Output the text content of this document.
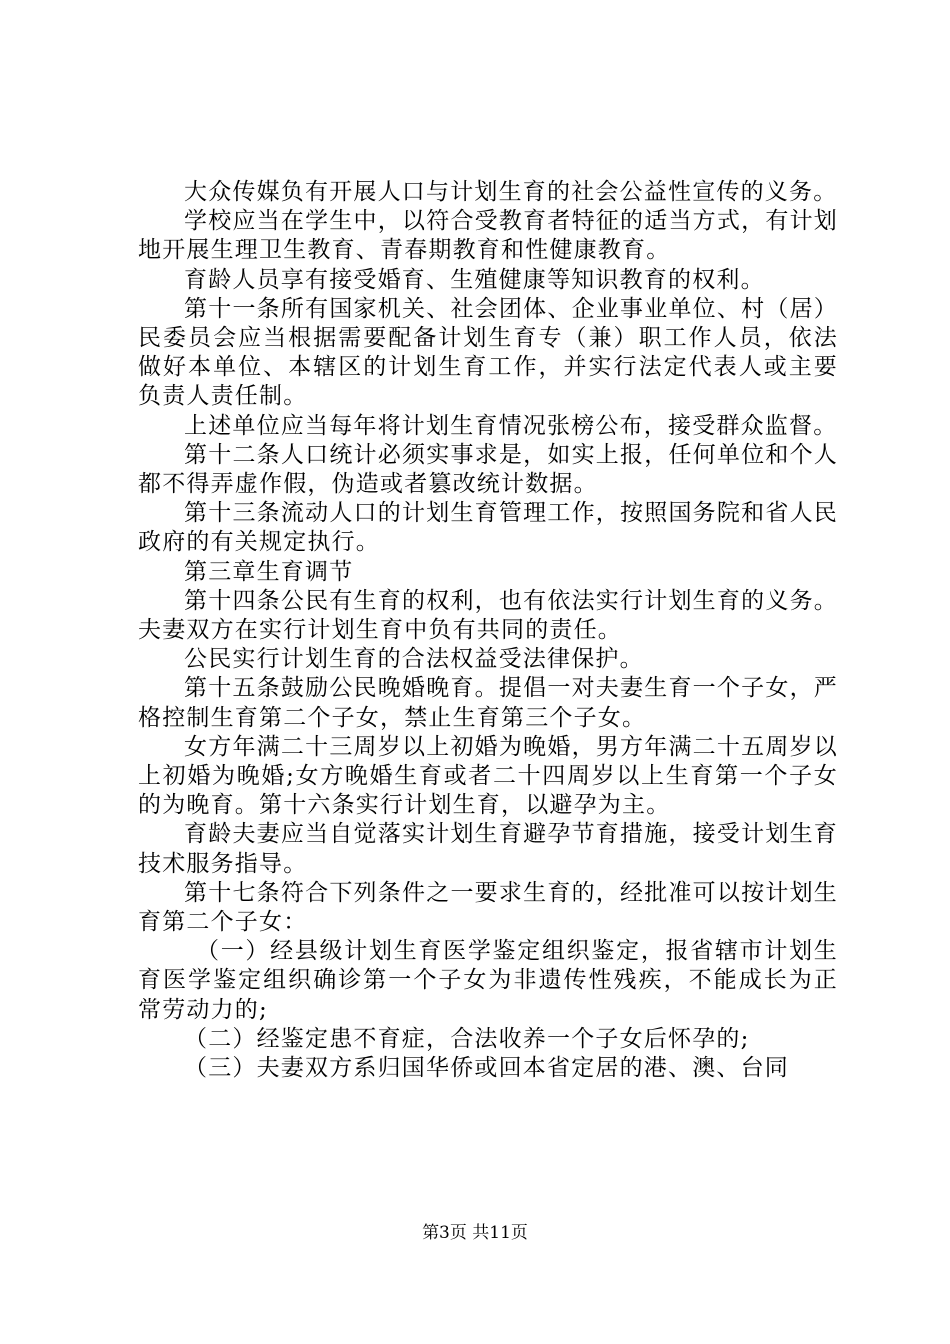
大众传媒负有开展人口与计划生育的社会公益性宣传的义务。

学校应当在学生中，以符合受教育者特征的适当方式，有计划地开展生理卫生教育、青春期教育和性健康教育。

育龄人员享有接受婚育、生殖健康等知识教育的权利。

第十一条所有国家机关、社会团体、企业事业单位、村（居）民委员会应当根据需要配备计划生育专（兼）职工作人员，依法做好本单位、本辖区的计划生育工作，并实行法定代表人或主要负责人责任制。

上述单位应当每年将计划生育情况张榜公布，接受群众监督。

第十二条人口统计必须实事求是，如实上报，任何单位和个人都不得弄虚作假，伪造或者篡改统计数据。

第十三条流动人口的计划生育管理工作，按照国务院和省人民政府的有关规定执行。

第三章生育调节

第十四条公民有生育的权利，也有依法实行计划生育的义务。夫妻双方在实行计划生育中负有共同的责任。

公民实行计划生育的合法权益受法律保护。

第十五条鼓励公民晚婚晚育。提倡一对夫妻生育一个子女，严格控制生育第二个子女，禁止生育第三个子女。

女方年满二十三周岁以上初婚为晚婚，男方年满二十五周岁以上初婚为晚婚;女方晚婚生育或者二十四周岁以上生育第一个子女的为晚育。第十六条实行计划生育，以避孕为主。

育龄夫妻应当自觉落实计划生育避孕节育措施，接受计划生育技术服务指导。

第十七条符合下列条件之一要求生育的，经批准可以按计划生育第二个子女：

（一）经县级计划生育医学鉴定组织鉴定，报省辖市计划生育医学鉴定组织确诊第一个子女为非遗传性残疾，不能成长为正常劳动力的;

（二）经鉴定患不育症，合法收养一个子女后怀孕的;

（三）夫妻双方系归国华侨或回本省定居的港、澳、台同

第3页 共11页
